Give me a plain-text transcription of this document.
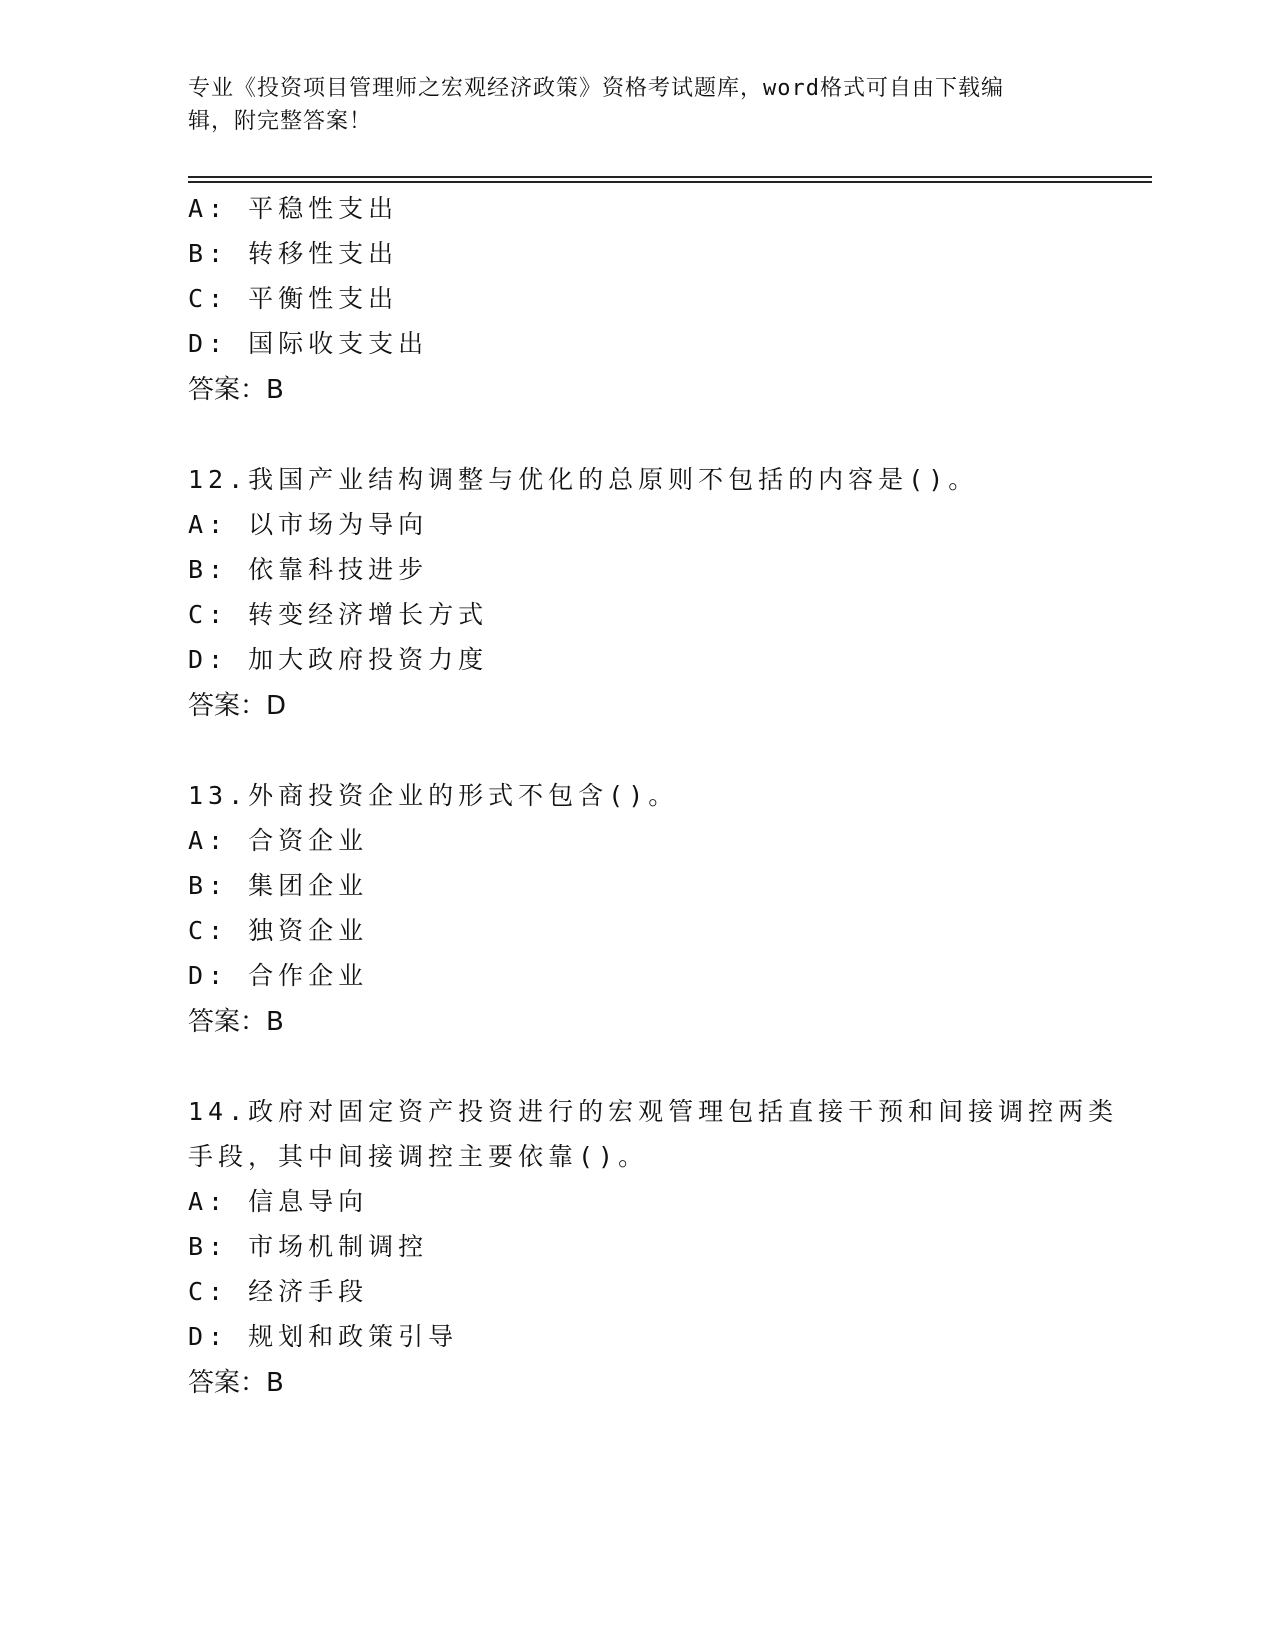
专业《投资项目管理师之宏观经济政策》资格考试题库，word格式可自由下载编
辑，附完整答案！
A: 平稳性支出
B: 转移性支出
C: 平衡性支出
D: 国际收支支出
答案：B
12.我国产业结构调整与优化的总原则不包括的内容是()。
A: 以市场为导向
B: 依靠科技进步
C: 转变经济增长方式
D: 加大政府投资力度
答案：D
13.外商投资企业的形式不包含()。
A: 合资企业
B: 集团企业
C: 独资企业
D: 合作企业
答案：B
14.政府对固定资产投资进行的宏观管理包括直接干预和间接调控两类
手段，其中间接调控主要依靠()。
A: 信息导向
B: 市场机制调控
C: 经济手段
D: 规划和政策引导
答案：B
